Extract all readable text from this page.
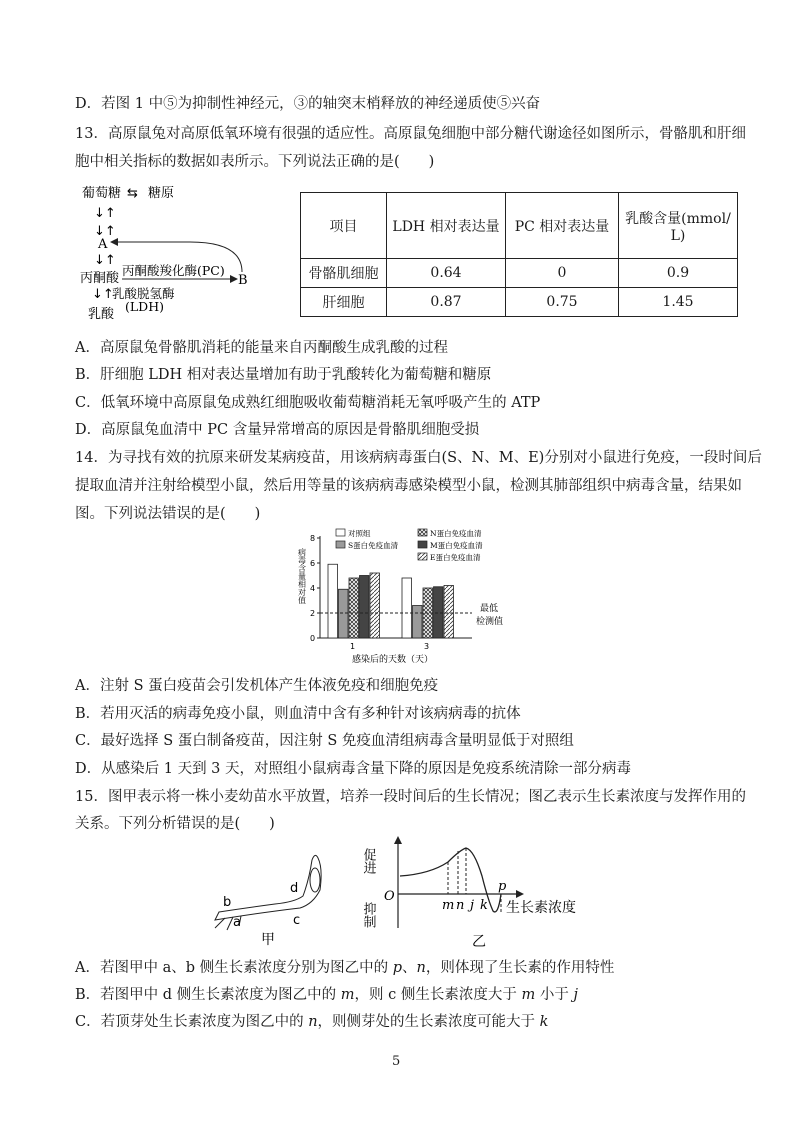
D．若图 1 中⑤为抑制性神经元，③的轴突末梢释放的神经递质使⑤兴奋
13．高原鼠兔对高原低氧环境有很强的适应性。高原鼠兔细胞中部分糖代谢途径如图所示，骨骼肌和肝细
胞中相关指标的数据如表所示。下列说法正确的是(　　)
葡萄糖 ⇆ 糖原
↓↑
↓↑
A
↓↑
丙酮酸
丙酮酸羧化酶(PC)
B
↓↑
乳酸脱氢酶
(LDH)
乳酸
项目	LDH 相对表达量	PC 相对表达量	乳酸含量(mmol/
L)

骨骼肌细胞	0.64	0	0.9
肝细胞	0.87	0.75	1.45
A．高原鼠兔骨骼肌消耗的能量来自丙酮酸生成乳酸的过程
B．肝细胞 LDH 相对表达量增加有助于乳酸转化为葡萄糖和糖原
C．低氧环境中高原鼠兔成熟红细胞吸收葡萄糖消耗无氧呼吸产生的 ATP
D．高原鼠兔血清中 PC 含量异常增高的原因是骨骼肌细胞受损
14．为寻找有效的抗原来研发某病疫苗，用该病病毒蛋白(S、N、M、E)分别对小鼠进行免疫，一段时间后
提取血清并注射给模型小鼠，然后用等量的该病病毒感染模型小鼠，检测其肺部组织中病毒含量，结果如
图。下列说法错误的是(　　)
0
2
4
6
8
病毒含量相对值
1	3
最低
检测值
感染后的天数（天）
对照组
S蛋白免疫血清
N蛋白免疫血清
M蛋白免疫血清
E蛋白免疫血清
A．注射 S 蛋白疫苗会引发机体产生体液免疫和细胞免疫
B．若用灭活的病毒免疫小鼠，则血清中含有多种针对该病病毒的抗体
C．最好选择 S 蛋白制备疫苗，因注射 S 免疫血清组病毒含量明显低于对照组
D．从感染后 1 天到 3 天，对照组小鼠病毒含量下降的原因是免疫系统清除一部分病毒
15．图甲表示将一株小麦幼苗水平放置，培养一段时间后的生长情况；图乙表示生长素浓度与发挥作用的
关系。下列分析错误的是(　　)
b
a
d
c
甲
促进
抑制
O
m n j k
p
生长素浓度
乙
A．若图甲中 a、b 侧生长素浓度分别为图乙中的 p、n，则体现了生长素的作用特性
B．若图甲中 d 侧生长素浓度为图乙中的 m，则 c 侧生长素浓度大于 m 小于 j
C．若顶芽处生长素浓度为图乙中的 n，则侧芽处的生长素浓度可能大于 k
5
